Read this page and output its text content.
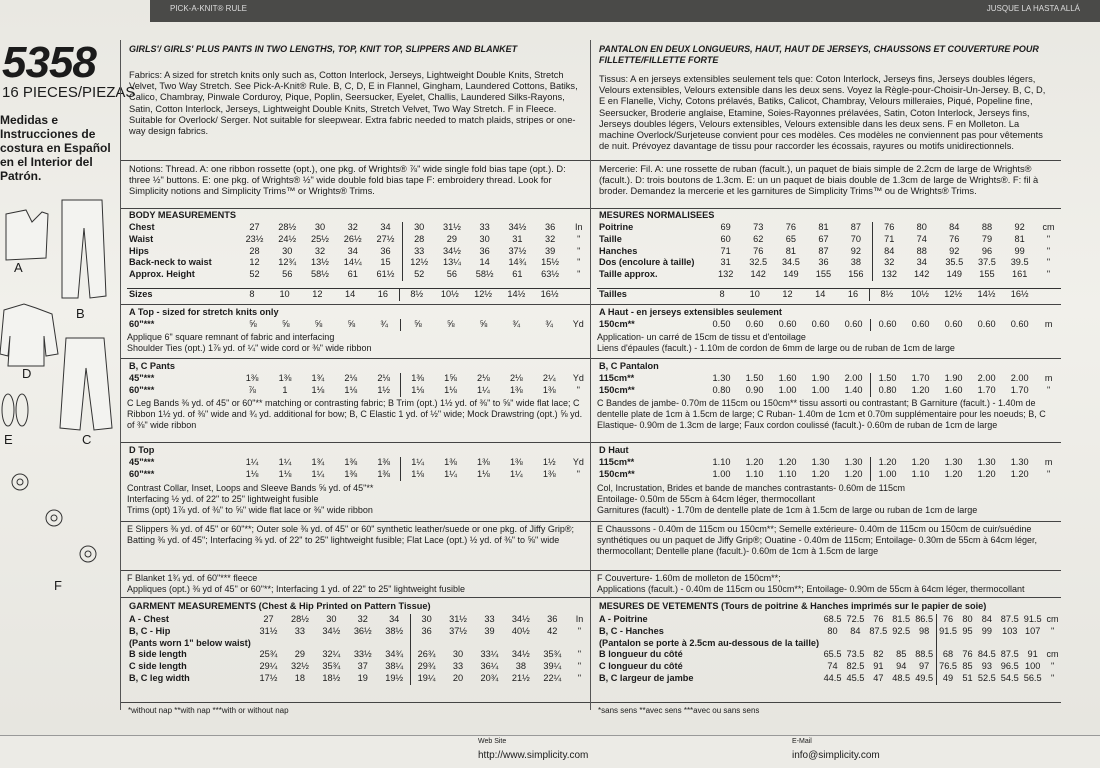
PICK-A-KNIT® RULE	JUSQUE LA HASTA ALLÁ
5358
16 PIECES/PIEZAS
Medidas e Instrucciones de costura en Español en el Interior del Patrón.
A
B
D
E	C
F
GIRLS'/ GIRLS' PLUS PANTS IN TWO LENGTHS, TOP, KNIT TOP, SLIPPERS AND BLANKET
Fabrics: A sized for stretch knits only such as, Cotton Interlock, Jerseys, Lightweight Double Knits, Stretch Velvet, Two Way Stretch. See Pick-A-Knit® Rule. B, C, D, E in Flannel, Gingham, Laundered Cottons, Batiks, Calico, Chambray, Pinwale Corduroy, Pique, Poplin, Seersucker, Eyelet, Challis, Laundered Silks-Rayons, Satin, Cotton Interlock, Jerseys, Lightweight Double Knits, Stretch Velvet, Two Way Stretch. F in Fleece. Suitable for Overlock/ Serger. Not suitable for sleepwear. Extra fabric needed to match plaids, stripes or one-way design fabrics.
Notions: Thread. A: one ribbon rossette (opt.), one pkg. of Wrights® ⅞" wide single fold bias tape (opt.). D: three ½" buttons. E: one pkg. of Wrights® ½" wide double fold bias tape F: embroidery thread. Look for Simplicity notions and Simplicity Trims™ or Wrights® Trims.
BODY MEASUREMENTS
Chest	27	28½	30	32	34	30	31½	33	34½	36	In
Waist	23½	24½	25½	26½	27½	28	29	30	31	32	"
Hips	28	30	32	34	36	33	34½	36	37½	39	"
Back-neck to waist	12	12¾	13½	14¼	15	12½	13¼	14	14¾	15½	"
Approx. Height	52	56	58½	61	61½	52	56	58½	61	63½	"
Sizes	8	10	12	14	16	8½	10½	12½	14½	16½	
A Top - sized for stretch knits only
60"***	⅝	⅝	⅝	⅝	¾	⅝	⅝	⅝	¾	¾	Yd
Applique 6" square remnant of fabric and interfacing
Shoulder Ties (opt.) 1⅞ yd. of ¼" wide cord or ⅜" wide ribbon
B, C Pants
45"***	1⅜	1⅜	1¾	2⅛	2⅛	1⅜	1⅝	2⅛	2⅛	2¼	Yd
60"***	⅞	1	1⅛	1⅛	1½	1⅛	1⅛	1¼	1⅜	1⅜	"
C Leg Bands ⅜ yd. of 45" or 60"** matching or contrasting fabric; B Trim (opt.) 1½ yd. of ⅜" to ⅝" wide flat lace; C Ribbon 1½ yd. of ⅜" wide and ¾ yd. additional for bow; B, C Elastic 1 yd. of ½" wide; Mock Drawstring (opt.) ⅝ yd. of ⅜" wide ribbon
D Top
45"***	1¼	1¼	1¾	1⅜	1⅜	1¼	1⅜	1⅜	1⅜	1½	Yd
60"***	1⅛	1⅛	1¼	1⅜	1⅜	1⅛	1¼	1⅛	1¼	1⅜	"
Contrast Collar, Inset, Loops and Sleeve Bands ⅝ yd. of 45"**
Interfacing ½ yd. of 22" to 25" lightweight fusible
Trims (opt) 1⅞ yd. of ⅜" to ⅝" wide flat lace or ⅜" wide ribbon
E Slippers ⅜ yd. of 45" or 60"**; Outer sole ⅜ yd. of 45" or 60" synthetic leather/suede or one pkg. of Jiffy Grip®; Batting ⅜ yd. of 45"; Interfacing ⅜ yd. of 22" to 25" lightweight fusible; Flat Lace (opt.) ½ yd. of ⅜" to ⅝" wide
F Blanket 1¾ yd. of 60"*** fleece
Appliques (opt.) ⅜ yd of 45" or 60"**; Interfacing 1 yd. of 22" to 25" lightweight fusible
GARMENT MEASUREMENTS (Chest & Hip Printed on Pattern Tissue)
A - Chest	27	28½	30	32	34	30	31½	33	34½	36	In
B, C - Hip	31½	33	34½	36½	38½	36	37½	39	40½	42	"
(Pants worn 1" below waist)											
B side length	25¾	29	32¼	33½	34¾	26¾	30	33¼	34½	35¾	"
C side length	29¼	32½	35¾	37	38¼	29¾	33	36¼	38	39¼	"
B, C leg width	17½	18	18½	19	19½	19¼	20	20¾	21½	22¼	"
*without nap **with nap ***with or without nap
PANTALON EN DEUX LONGUEURS, HAUT, HAUT DE JERSEYS, CHAUSSONS ET COUVERTURE POUR FILLETTE/FILLETTE FORTE
Tissus: A en jerseys extensibles seulement tels que: Coton Interlock, Jerseys fins, Jerseys doubles légers, Velours extensibles, Velours extensible dans les deux sens. Voyez la Règle-pour-Choisir-Un-Jersey. B, C, D, E en Flanelle, Vichy, Cotons prélavés, Batiks, Calicot, Chambray, Velours milleraies, Piqué, Popeline fine, Seersucker, Broderie anglaise, Etamine, Soies-Rayonnes prélavées, Satin, Coton Interlock, Jerseys fins, Jerseys doubles légers, Velours extensibles, Velours extensible dans les deux sens. F en Molleton. La machine Overlock/Surjeteuse convient pour ces modèles. Ces modèles ne conviennent pas pour vêtements de nuit. Prévoyez davantage de tissu pour raccorder les écossais, rayures ou motifs unidirectionnels.
Mercerie: Fil. A: une rossette de ruban (facult.), un paquet de biais simple de 2.2cm de large de Wrights® (facult.). D: trois boutons de 1.3cm. E: un un paquet de biais double de 1.3cm de large de Wrights®. F: fil à broder. Demandez la mercerie et les garnitures de Simplicity Trims™ ou de Wrights® Trims.
MESURES NORMALISEES
Poitrine	69	73	76	81	87	76	80	84	88	92	cm
Taille	60	62	65	67	70	71	74	76	79	81	"
Hanches	71	76	81	87	92	84	88	92	96	99	"
Dos (encolure à taille)	31	32.5	34.5	36	38	32	34	35.5	37.5	39.5	"
Taille approx.	132	142	149	155	156	132	142	149	155	161	"
Tailles	8	10	12	14	16	8½	10½	12½	14½	16½	
A Haut - en jerseys extensibles seulement
150cm**	0.50	0.60	0.60	0.60	0.60	0.60	0.60	0.60	0.60	0.60	m
Application- un carré de 15cm de tissu et d'entoilage
Liens d'épaules (facult.) - 1.10m de cordon de 6mm de large ou de ruban de 1cm de large
B, C Pantalon
115cm**	1.30	1.50	1.60	1.90	2.00	1.50	1.70	1.90	2.00	2.00	m
150cm**	0.80	0.90	1.00	1.00	1.40	0.80	1.20	1.60	1.70	1.70	"
C Bandes de jambe- 0.70m de 115cm ou 150cm** tissu assorti ou contrastant; B Garniture (facult.) - 1.40m de dentelle plate de 1cm à 1.5cm de large; C Ruban- 1.40m de 1cm et 0.70m supplémentaire pour les noeuds; B, C Elastique- 0.90m de 1.3cm de large; Faux cordon coulissé (facult.)- 0.60m de ruban de 1cm de large
D Haut
115cm**	1.10	1.20	1.20	1.30	1.30	1.20	1.20	1.30	1.30	1.30	m
150cm**	1.00	1.10	1.10	1.20	1.20	1.00	1.10	1.20	1.20	1.20	"
Col, Incrustation, Brides et bande de manches contrastants- 0.60m de 115cm
Entoilage- 0.50m de 55cm à 64cm léger, thermocollant
Garnitures (facult) - 1.70m de dentelle plate de 1cm à 1.5cm de large ou ruban de 1cm de large
E Chaussons - 0.40m de 115cm ou 150cm**; Semelle extérieure- 0.40m de 115cm ou 150cm de cuir/suédine synthétiques ou un paquet de Jiffy Grip®; Ouatine - 0.40m de 115cm; Entoilage- 0.30m de 55cm à 64cm léger, thermocollant; Dentelle plane (facult.)- 0.60m de 1cm à 1.5cm de large
F Couverture- 1.60m de molleton de 150cm**;
Applications (facult.) - 0.40m de 115cm ou 150cm**; Entoilage- 0.90m de 55cm à 64cm léger, thermocollant
MESURES DE VETEMENTS (Tours de poitrine & Hanches imprimés sur le papier de soie)
A - Poitrine	68.5	72.5	76	81.5	86.5	76	80	84	87.5	91.5	cm
B, C - Hanches	80	84	87.5	92.5	98	91.5	95	99	103	107	"
(Pantalon se porte à 2.5cm au-dessous de la taille)											
B longueur du côté	65.5	73.5	82	85	88.5	68	76	84.5	87.5	91	cm
C longueur du côté	74	82.5	91	94	97	76.5	85	93	96.5	100	"
B, C largeur de jambe	44.5	45.5	47	48.5	49.5	49	51	52.5	54.5	56.5	"
*sans sens **avec sens ***avec ou sans sens
Web Site
http://www.simplicity.com
E-Mail
info@simplicity.com
